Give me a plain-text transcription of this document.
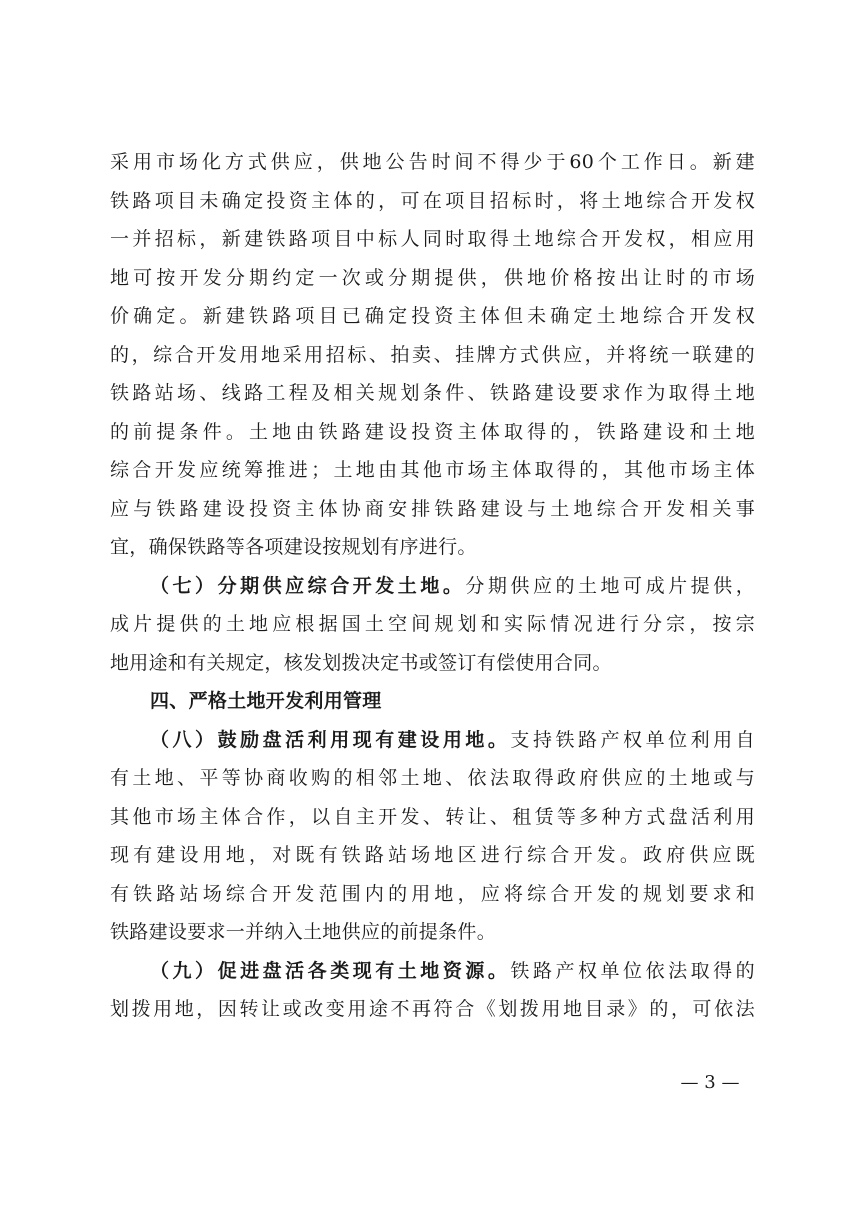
采用市场化方式供应，供地公告时间不得少于60个工作日。新建
铁路项目未确定投资主体的，可在项目招标时，将土地综合开发权
一并招标，新建铁路项目中标人同时取得土地综合开发权，相应用
地可按开发分期约定一次或分期提供，供地价格按出让时的市场
价确定。新建铁路项目已确定投资主体但未确定土地综合开发权
的，综合开发用地采用招标、拍卖、挂牌方式供应，并将统一联建的
铁路站场、线路工程及相关规划条件、铁路建设要求作为取得土地
的前提条件。土地由铁路建设投资主体取得的，铁路建设和土地
综合开发应统筹推进；土地由其他市场主体取得的，其他市场主体
应与铁路建设投资主体协商安排铁路建设与土地综合开发相关事
宜，确保铁路等各项建设按规划有序进行。
（七）分期供应综合开发土地。分期供应的土地可成片提供，
成片提供的土地应根据国土空间规划和实际情况进行分宗，按宗
地用途和有关规定，核发划拨决定书或签订有偿使用合同。
四、严格土地开发利用管理
（八）鼓励盘活利用现有建设用地。支持铁路产权单位利用自
有土地、平等协商收购的相邻土地、依法取得政府供应的土地或与
其他市场主体合作，以自主开发、转让、租赁等多种方式盘活利用
现有建设用地，对既有铁路站场地区进行综合开发。政府供应既
有铁路站场综合开发范围内的用地，应将综合开发的规划要求和
铁路建设要求一并纳入土地供应的前提条件。
（九）促进盘活各类现有土地资源。铁路产权单位依法取得的
划拨用地，因转让或改变用途不再符合《划拨用地目录》的，可依法
— 3 —
